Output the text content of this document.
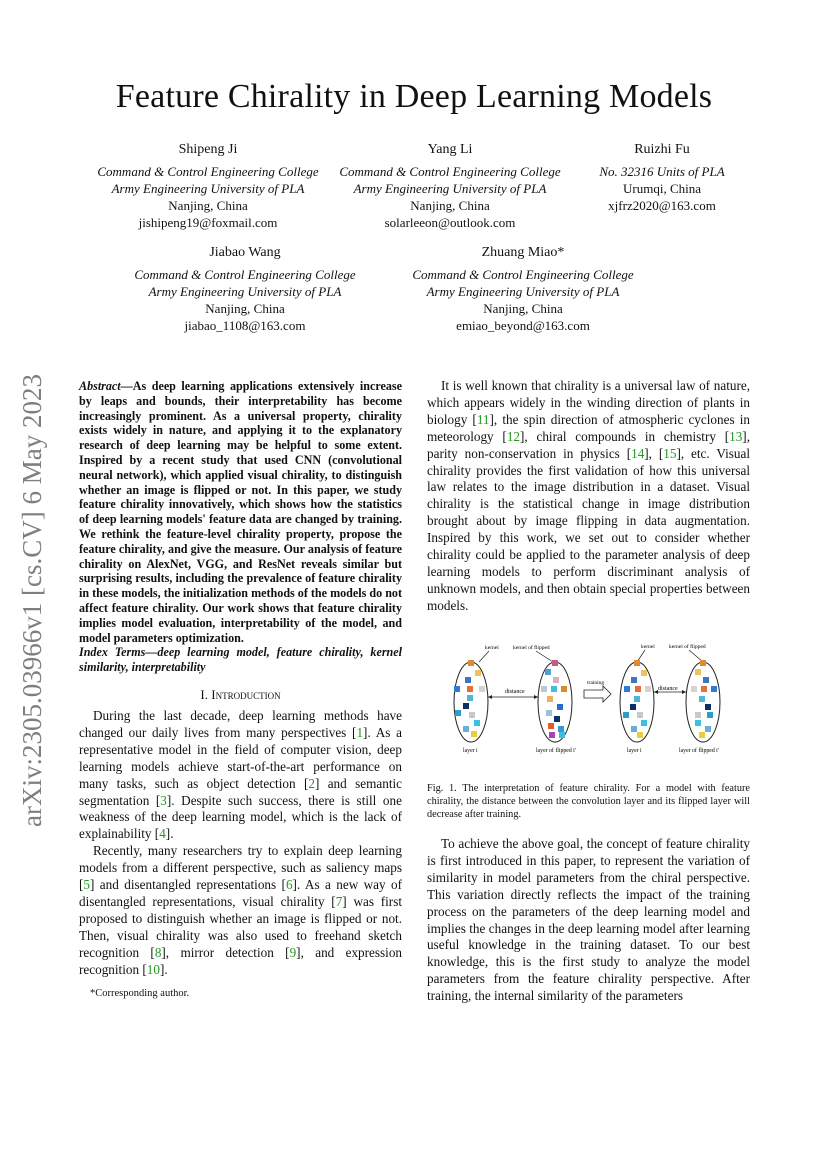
arXiv:2305.03966v1 [cs.CV] 6 May 2023
Feature Chirality in Deep Learning Models
Shipeng Ji
Command & Control Engineering College
Army Engineering University of PLA
Nanjing, China
jishipeng19@foxmail.com
Yang Li
Command & Control Engineering College
Army Engineering University of PLA
Nanjing, China
solarleeon@outlook.com
Ruizhi Fu
No. 32316 Units of PLA
Urumqi, China
xjfrz2020@163.com
Jiabao Wang
Command & Control Engineering College
Army Engineering University of PLA
Nanjing, China
jiabao_1108@163.com
Zhuang Miao*
Command & Control Engineering College
Army Engineering University of PLA
Nanjing, China
emiao_beyond@163.com
Abstract—As deep learning applications extensively increase by leaps and bounds, their interpretability has become increasingly prominent. As a universal property, chirality exists widely in nature, and applying it to the explanatory research of deep learning may be helpful to some extent. Inspired by a recent study that used CNN (convolutional neural network), which applied visual chirality, to distinguish whether an image is flipped or not. In this paper, we study feature chirality innovatively, which shows how the statistics of deep learning models' feature data are changed by training. We rethink the feature-level chirality property, propose the feature chirality, and give the measure. Our analysis of feature chirality on AlexNet, VGG, and ResNet reveals similar but surprising results, including the prevalence of feature chirality in these models, the initialization methods of the models do not affect feature chirality. Our work shows that feature chirality implies model evaluation, interpretability of the model, and model parameters optimization.
Index Terms—deep learning model, feature chirality, kernel similarity, interpretability
I. Introduction

During the last decade, deep learning methods have changed our daily lives from many perspectives [1]. As a representative model in the field of computer vision, deep learning models achieve start-of-the-art performance on many tasks, such as object detection [2] and semantic segmentation [3]. Despite such success, there is still one weakness of the deep learning model, which is the lack of explainability [4].

Recently, many researchers try to explain deep learning models from a different perspective, such as saliency maps [5] and disentangled representations [6]. As a new way of disentangled representations, visual chirality [7] was first proposed to distinguish whether an image is flipped or not. Then, visual chirality was also used to freehand sketch recognition [8], mirror detection [9], and expression recognition [10].

*Corresponding author.

It is well known that chirality is a universal law of nature, which appears widely in the winding direction of plants in biology [11], the spin direction of atmospheric cyclones in meteorology [12], chiral compounds in chemistry [13], parity non-conservation in physics [14], [15], etc. Visual chirality provides the first validation of how this universal law relates to the image distribution in a dataset. Visual chirality is the statistical change in image distribution brought about by image flipping in data augmentation. Inspired by this work, we set out to consider whether chirality could be applied to the parameter analysis of deep learning models to perform discriminant analysis of unknown models, and then obtain special properties between models.

kernel	kernel of flipped	kernel	kernel of flipped
distance	distance
training
layer i	layer of flipped i'	layer i	layer of flipped i'
Fig. 1. The interpretation of feature chirality. For a model with feature chirality, the distance between the convolution layer and its flipped layer will decrease after training.

To achieve the above goal, the concept of feature chirality is first introduced in this paper, to represent the variation of similarity in model parameters from the chiral perspective. This variation directly reflects the impact of the training process on the parameters of the deep learning model and implies the changes in the deep learning model after learning useful knowledge in the training dataset. To our best knowledge, this is the first study to analyze the model parameters from the feature chirality perspective. After training, the internal similarity of the parameters
